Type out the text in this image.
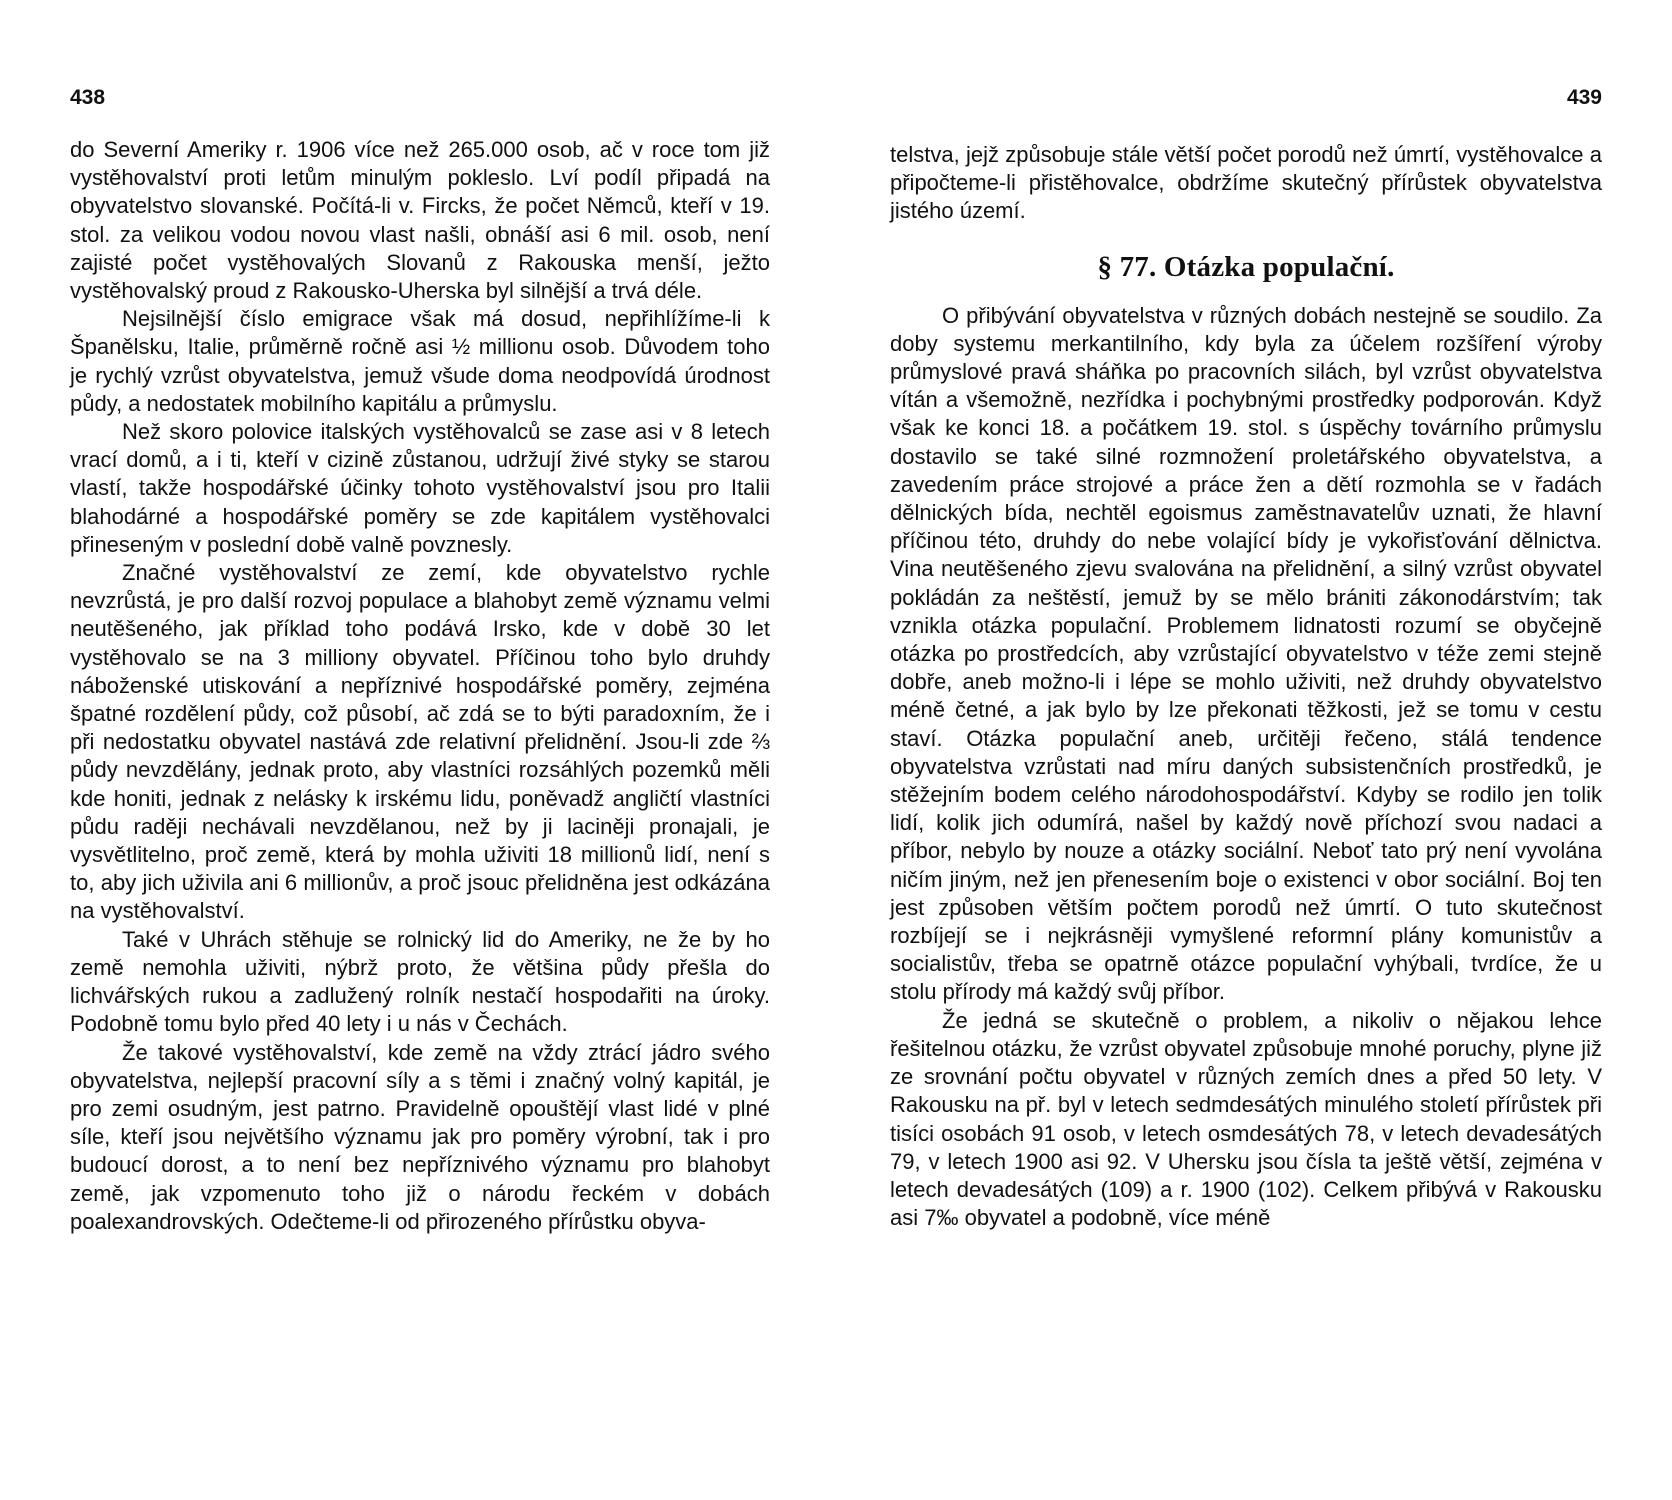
438

do Severní Ameriky r. 1906 více než 265.000 osob, ač v roce tom již vystěhovalství proti letům minulým pokleslo. Lví podíl připadá na obyvatelstvo slovanské. Počítá-li v. Fircks, že počet Němců, kteří v 19. stol. za velikou vodou novou vlast našli, obnáší asi 6 mil. osob, není zajisté počet vystěhovalých Slovanů z Rakouska menší, ježto vystěhovalský proud z Rakousko-Uherska byl silnější a trvá déle.

Nejsilnější číslo emigrace však má dosud, nepřihlížíme-li k Španělsku, Italie, průměrně ročně asi ½ millionu osob. Důvodem toho je rychlý vzrůst obyvatelstva, jemuž všude doma neodpovídá úrodnost půdy, a nedostatek mobilního kapitálu a průmyslu.

Než skoro polovice italských vystěhovalců se zase asi v 8 letech vrací domů, a i ti, kteří v cizině zůstanou, udržují živé styky se starou vlastí, takže hospodářské účinky tohoto vystěhovalství jsou pro Italii blahodárné a hospodářské poměry se zde kapitálem vystěhovalci přineseným v poslední době valně povznesly.

Značné vystěhovalství ze zemí, kde obyvatelstvo rychle nevzrůstá, je pro další rozvoj populace a blahobyt země významu velmi neutěšeného, jak příklad toho podává Irsko, kde v době 30 let vystěhovalo se na 3 milliony obyvatel. Příčinou toho bylo druhdy náboženské utiskování a nepříznivé hospodářské poměry, zejména špatné rozdělení půdy, což působí, ač zdá se to býti paradoxním, že i při nedostatku obyvatel nastává zde relativní přelidnění. Jsou-li zde ⅔ půdy nevzdělány, jednak proto, aby vlastníci rozsáhlých pozemků měli kde honiti, jednak z nelásky k irskému lidu, poněvadž angličtí vlastníci půdu raději nechávali nevzdělanou, než by ji laciněji pronajali, je vysvětlitelno, proč země, která by mohla uživiti 18 millionů lidí, není s to, aby jich uživila ani 6 millionův, a proč jsouc přelidněna jest odkázána na vystěhovalství.

Také v Uhrách stěhuje se rolnický lid do Ameriky, ne že by ho země nemohla uživiti, nýbrž proto, že většina půdy přešla do lichvářských rukou a zadlužený rolník nestačí hospodařiti na úroky. Podobně tomu bylo před 40 lety i u nás v Čechách.

Že takové vystěhovalství, kde země na vždy ztrácí jádro svého obyvatelstva, nejlepší pracovní síly a s těmi i značný volný kapitál, je pro zemi osudným, jest patrno. Pravidelně opouštějí vlast lidé v plné síle, kteří jsou největšího významu jak pro poměry výrobní, tak i pro budoucí dorost, a to není bez nepříznivého významu pro blahobyt země, jak vzpomenuto toho již o národu řeckém v dobách poalexandrovských. Odečteme-li od přirozeného přírůstku obyva-

439

telstva, jejž způsobuje stále větší počet porodů než úmrtí, vystěhovalce a připočteme-li přistěhovalce, obdržíme skutečný přírůstek obyvatelstva jistého území.

§ 77. Otázka populační.

O přibývání obyvatelstva v různých dobách nestejně se soudilo. Za doby systemu merkantilního, kdy byla za účelem rozšíření výroby průmyslové pravá sháňka po pracovních silách, byl vzrůst obyvatelstva vítán a všemožně, nezřídka i pochybnými prostředky podporován. Když však ke konci 18. a počátkem 19. stol. s úspěchy továrního průmyslu dostavilo se také silné rozmnožení proletářského obyvatelstva, a zavedením práce strojové a práce žen a dětí rozmohla se v řadách dělnických bída, nechtěl egoismus zaměstnavatelův uznati, že hlavní příčinou této, druhdy do nebe volající bídy je vykořisťování dělnictva. Vina neutěšeného zjevu svalována na přelidnění, a silný vzrůst obyvatel pokládán za neštěstí, jemuž by se mělo brániti zákonodárstvím; tak vznikla otázka populační. Problemem lidnatosti rozumí se obyčejně otázka po prostředcích, aby vzrůstající obyvatelstvo v téže zemi stejně dobře, aneb možno-li i lépe se mohlo uživiti, než druhdy obyvatelstvo méně četné, a jak bylo by lze překonati těžkosti, jež se tomu v cestu staví. Otázka populační aneb, určitěji řečeno, stálá tendence obyvatelstva vzrůstati nad míru daných subsistenčních prostředků, je stěžejním bodem celého národohospodářství. Kdyby se rodilo jen tolik lidí, kolik jich odumírá, našel by každý nově příchozí svou nadaci a příbor, nebylo by nouze a otázky sociální. Neboť tato prý není vyvolána ničím jiným, než jen přenesením boje o existenci v obor sociální. Boj ten jest způsoben větším počtem porodů než úmrtí. O tuto skutečnost rozbíjejí se i nejkrásněji vymyšlené reformní plány komunistův a socialistův, třeba se opatrně otázce populační vyhýbali, tvrdíce, že u stolu přírody má každý svůj příbor.

Že jedná se skutečně o problem, a nikoliv o nějakou lehce řešitelnou otázku, že vzrůst obyvatel způsobuje mnohé poruchy, plyne již ze srovnání počtu obyvatel v různých zemích dnes a před 50 lety. V Rakousku na př. byl v letech sedmdesátých minulého století přírůstek při tisíci osobách 91 osob, v letech osmdesátých 78, v letech devadesátých 79, v letech 1900 asi 92. V Uhersku jsou čísla ta ještě větší, zejména v letech devadesátých (109) a r. 1900 (102). Celkem přibývá v Rakousku asi 7‰ obyvatel a podobně, více méně
